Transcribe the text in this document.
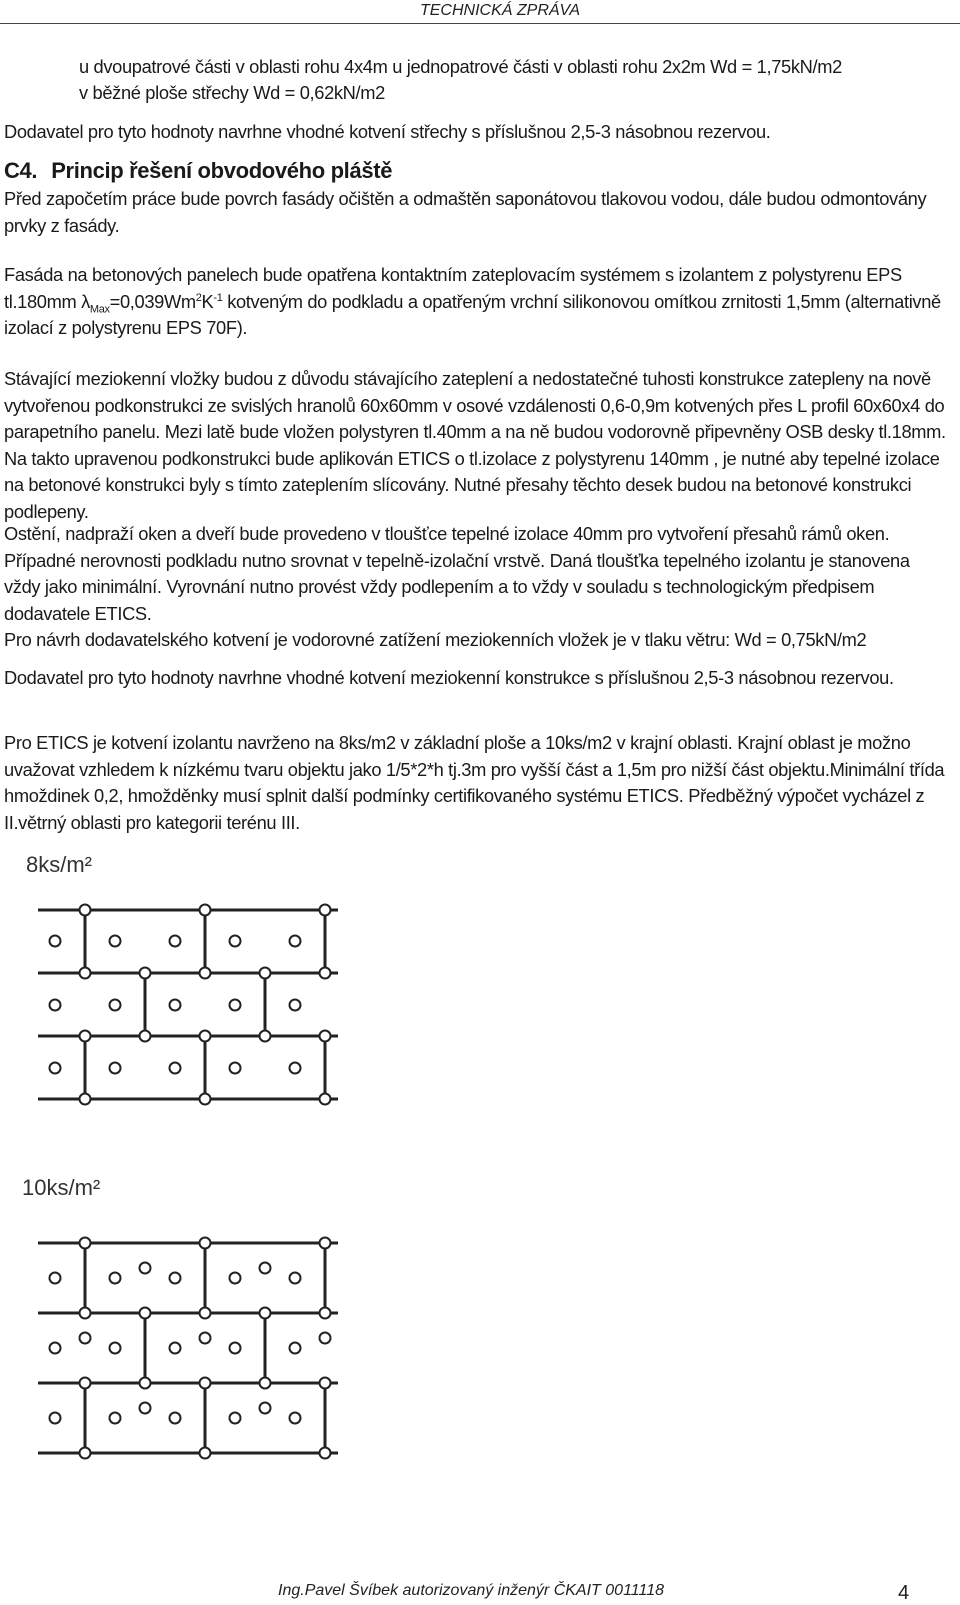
TECHNICKÁ ZPRÁVA

u dvoupatrové části v oblasti rohu 4x4m u jednopatrové části v oblasti rohu 2x2m Wd = 1,75kN/m2

v běžné ploše střechy Wd = 0,62kN/m2

Dodavatel pro tyto hodnoty navrhne vhodné kotvení střechy s příslušnou 2,5-3 násobnou rezervou.

C4. Princip řešení obvodového pláště

Před započetím práce bude povrch fasády očištěn a odmaštěn saponátovou tlakovou vodou, dále budou odmontovány prvky z fasády.

Fasáda na betonových panelech bude opatřena kontaktním zateplovacím systémem s izolantem z polystyrenu EPS tl.180mm $\lambda_{Max}=0,039Wm^2K^{-1}$ kotveným do podkladu a opatřeným vrchní silikonovou omítkou zrnitosti 1,5mm (alternativně izolací z polystyrenu EPS 70F).

Stávající meziokenní vložky budou z důvodu stávajícího zateplení a nedostatečné tuhosti konstrukce zatepleny na nově vytvořenou podkonstrukci ze svislých hranolů 60x60mm v osové vzdálenosti 0,6-0,9m kotvených přes L profil 60x60x4 do parapetního panelu. Mezi latě bude vložen polystyren tl.40mm a na ně budou vodorovně připevněny OSB desky tl.18mm. Na takto upravenou podkonstrukci bude aplikován ETICS o tl.izolace z polystyrenu 140mm , je nutné aby tepelné izolace na betonové konstrukci byly s tímto zateplením slícovány. Nutné přesahy těchto desek budou na betonové konstrukci podlepeny.

Ostění, nadpraží oken a dveří bude provedeno v tloušťce tepelné izolace 40mm pro vytvoření přesahů rámů oken. Případné nerovnosti podkladu nutno srovnat v tepelně-izolační vrstvě. Daná tloušťka tepelného izolantu je stanovena vždy jako minimální. Vyrovnání nutno provést vždy podlepením a to vždy v souladu s technologickým předpisem dodavatele ETICS.

Pro návrh dodavatelského kotvení je vodorovné zatížení meziokenních vložek je v tlaku větru: Wd = 0,75kN/m2

Dodavatel pro tyto hodnoty navrhne vhodné kotvení meziokenní konstrukce s příslušnou 2,5-3 násobnou rezervou.

Pro ETICS je kotvení izolantu navrženo na 8ks/m2 v základní ploše a 10ks/m2 v krajní oblasti. Krajní oblast je možno uvažovat vzhledem k nízkému tvaru objektu jako 1/5*2*h tj.3m pro vyšší část a 1,5m pro nižší část objektu.Minimální třída hmoždinek 0,2, hmožděnky musí splnit další podmínky certifikovaného systému ETICS. Předběžný výpočet vycházel z II.větrný oblasti pro kategorii terénu III.

8ks/m²
10ks/m²
Ing.Pavel Švíbek autorizovaný inženýr ČKAIT 0011118	4
